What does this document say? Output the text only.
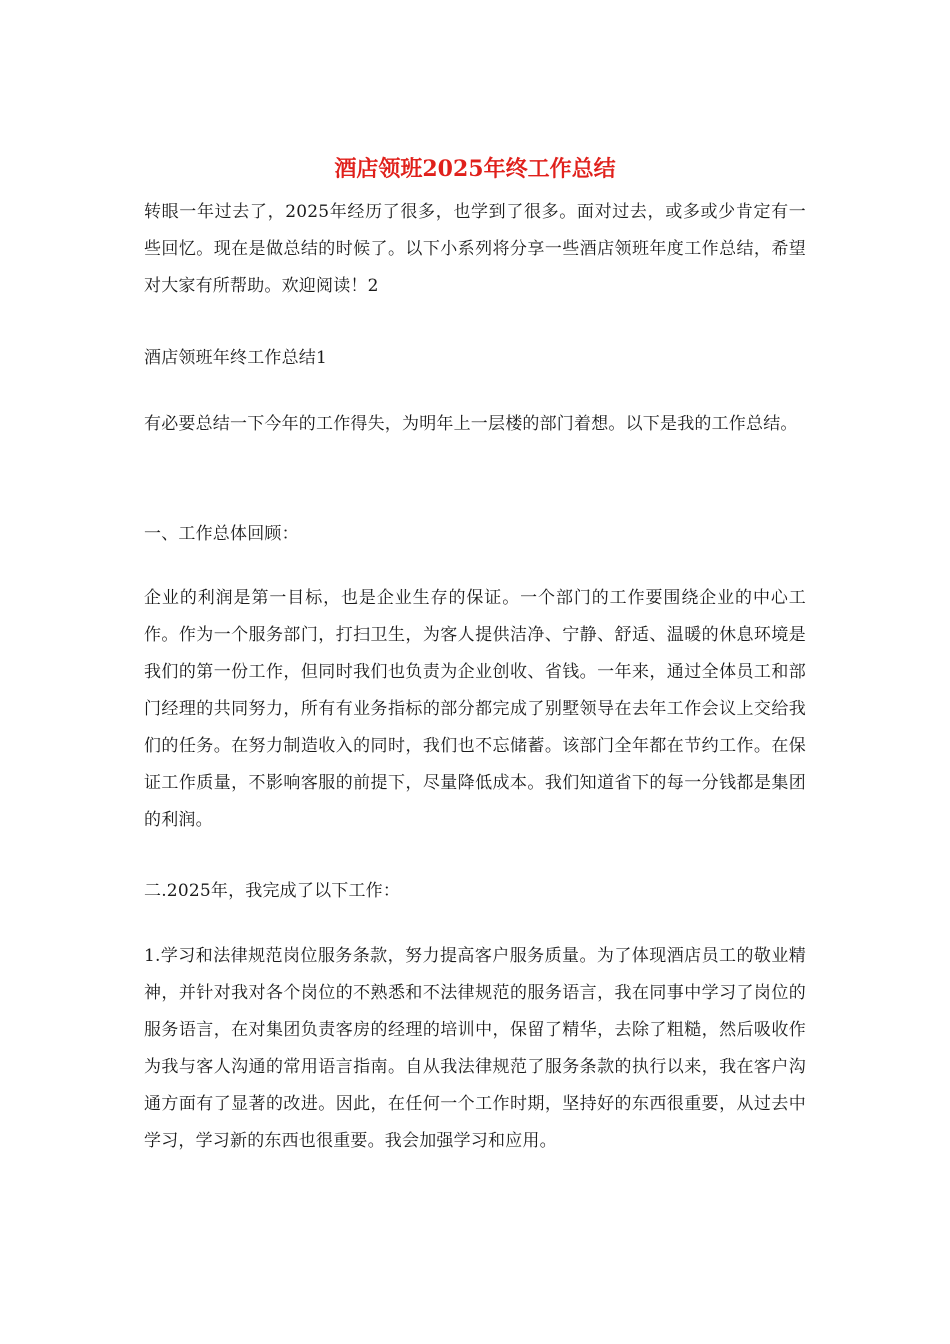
酒店领班2025年终工作总结

转眼一年过去了，2025年经历了很多，也学到了很多。面对过去，或多或少肯定有一些回忆。现在是做总结的时候了。以下小系列将分享一些酒店领班年度工作总结，希望对大家有所帮助。欢迎阅读！2

酒店领班年终工作总结1

有必要总结一下今年的工作得失，为明年上一层楼的部门着想。以下是我的工作总结。

一、工作总体回顾：

企业的利润是第一目标，也是企业生存的保证。一个部门的工作要围绕企业的中心工作。作为一个服务部门，打扫卫生，为客人提供洁净、宁静、舒适、温暖的休息环境是我们的第一份工作，但同时我们也负责为企业创收、省钱。一年来，通过全体员工和部门经理的共同努力，所有有业务指标的部分都完成了别墅领导在去年工作会议上交给我们的任务。在努力制造收入的同时，我们也不忘储蓄。该部门全年都在节约工作。在保证工作质量，不影响客服的前提下，尽量降低成本。我们知道省下的每一分钱都是集团的利润。

二.2025年，我完成了以下工作：

1.学习和法律规范岗位服务条款，努力提高客户服务质量。为了体现酒店员工的敬业精神，并针对我对各个岗位的不熟悉和不法律规范的服务语言，我在同事中学习了岗位的服务语言，在对集团负责客房的经理的培训中，保留了精华，去除了粗糙，然后吸收作为我与客人沟通的常用语言指南。自从我法律规范了服务条款的执行以来，我在客户沟通方面有了显著的改进。因此，在任何一个工作时期，坚持好的东西很重要，从过去中学习，学习新的东西也很重要。我会加强学习和应用。
